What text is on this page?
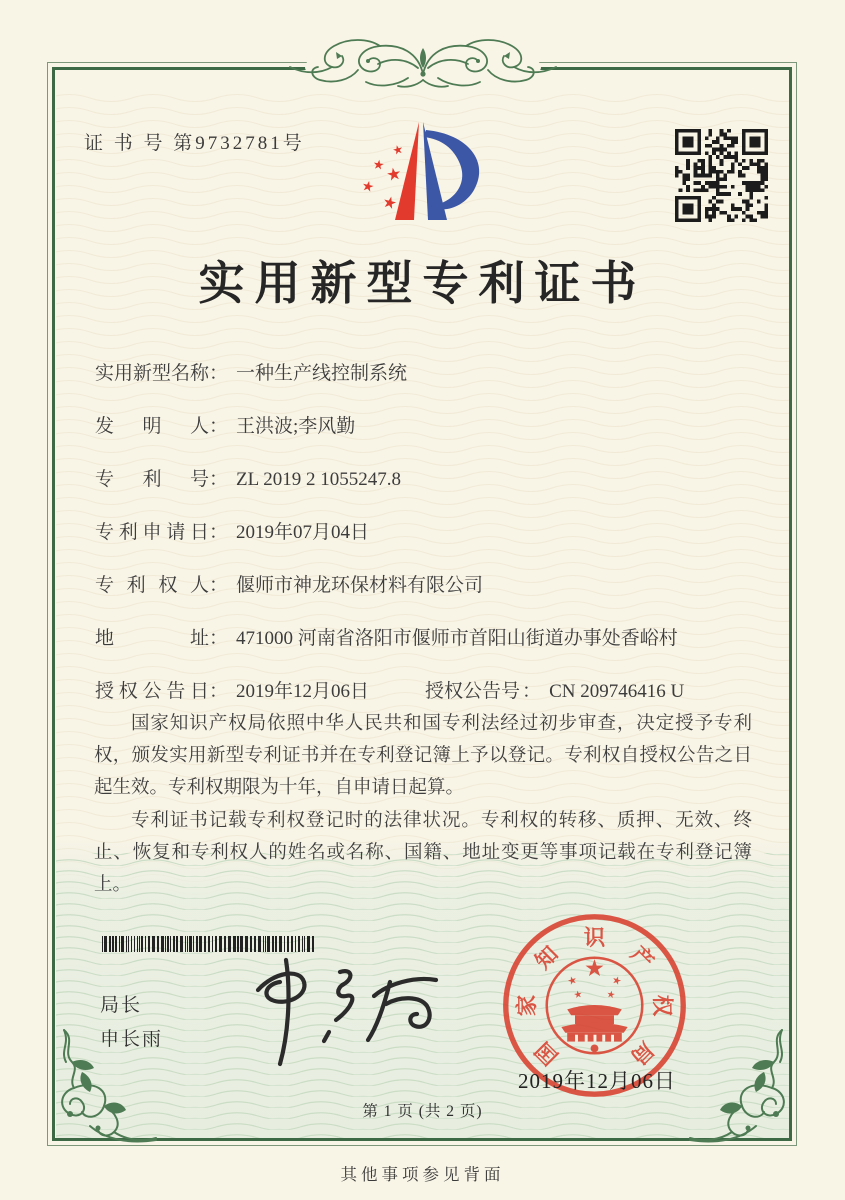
证 书 号 第9732781号	★
★ ★
★
★
实用新型专利证书
实用新型名称： 一种生产线控制系统
发明人： 王洪波;李风勤
专利号： ZL 2019 2 1055247.8
专利申请日： 2019年07月04日
专利权人： 偃师市神龙环保材料有限公司
地址： 471000 河南省洛阳市偃师市首阳山街道办事处香峪村
授权公告日： 2019年12月06日	授权公告号 ： CN 209746416 U

国家知识产权局依照中华人民共和国专利法经过初步审查，决定授予专利权，颁发实用新型专利证书并在专利登记簿上予以登记。专利权自授权公告之日起生效。专利权期限为十年，自申请日起算。

专利证书记载专利权登记时的法律状况。专利权的转移、质押、无效、终止、恢复和专利权人的姓名或名称、国籍、地址变更等事项记载在专利登记簿上。

局长
申长雨
★
★	★
★ ★
国
家
知
识
产
权
局
2019年12月06日
第 1 页 (共 2 页)
其他事项参见背面
